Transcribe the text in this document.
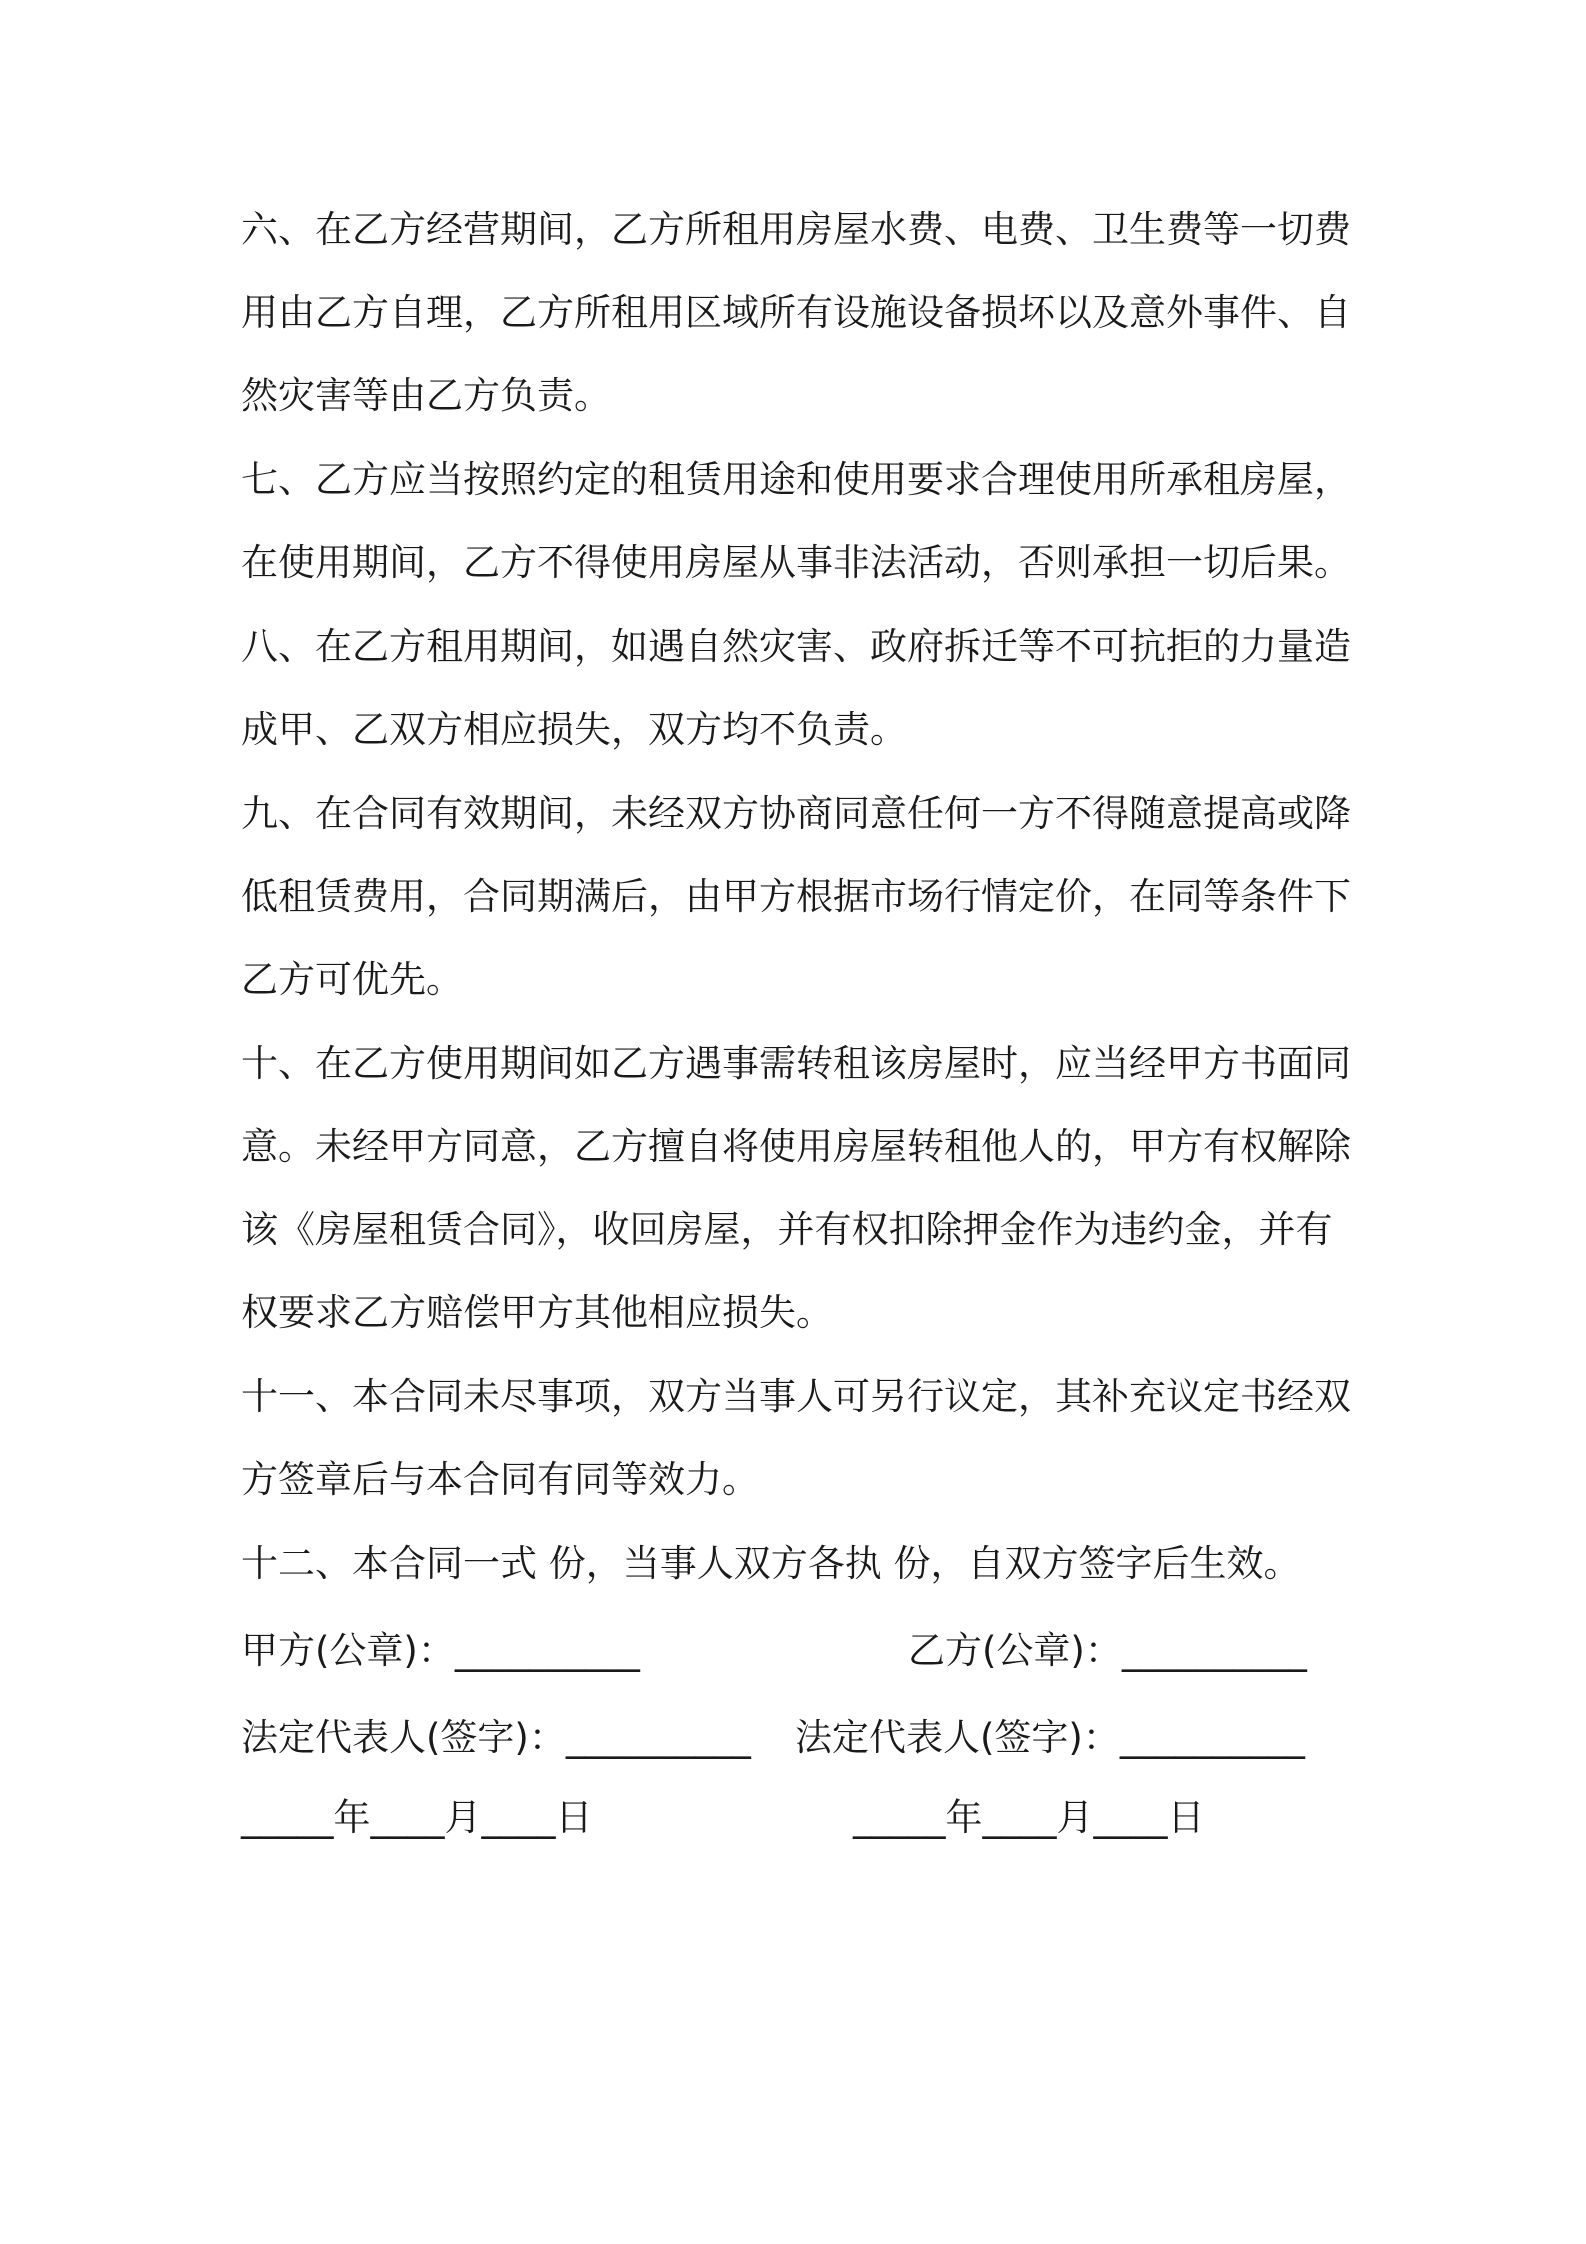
六、在乙方经营期间，乙方所租用房屋水费、电费、卫生费等一切费用由乙方自理，乙方所租用区域所有设施设备损坏以及意外事件、自然灾害等由乙方负责。

七、乙方应当按照约定的租赁用途和使用要求合理使用所承租房屋，在使用期间，乙方不得使用房屋从事非法活动，否则承担一切后果。

八、在乙方租用期间，如遇自然灾害、政府拆迁等不可抗拒的力量造成甲、乙双方相应损失，双方均不负责。

九、在合同有效期间，未经双方协商同意任何一方不得随意提高或降低租赁费用，合同期满后，由甲方根据市场行情定价，在同等条件下乙方可优先。

十、在乙方使用期间如乙方遇事需转租该房屋时，应当经甲方书面同意。未经甲方同意，乙方擅自将使用房屋转租他人的，甲方有权解除该《房屋租赁合同》，收回房屋，并有权扣除押金作为违约金，并有权要求乙方赔偿甲方其他相应损失。

十一、本合同未尽事项，双方当事人可另行议定，其补充议定书经双方签章后与本合同有同等效力。

十二、本合同一式 份，当事人双方各执 份，自双方签字后生效。

甲方(公章)：__________	乙方(公章)：__________
法定代表人(签字)：__________ 法定代表人(签字)：__________
_____年____月____日	_____年____月____日
